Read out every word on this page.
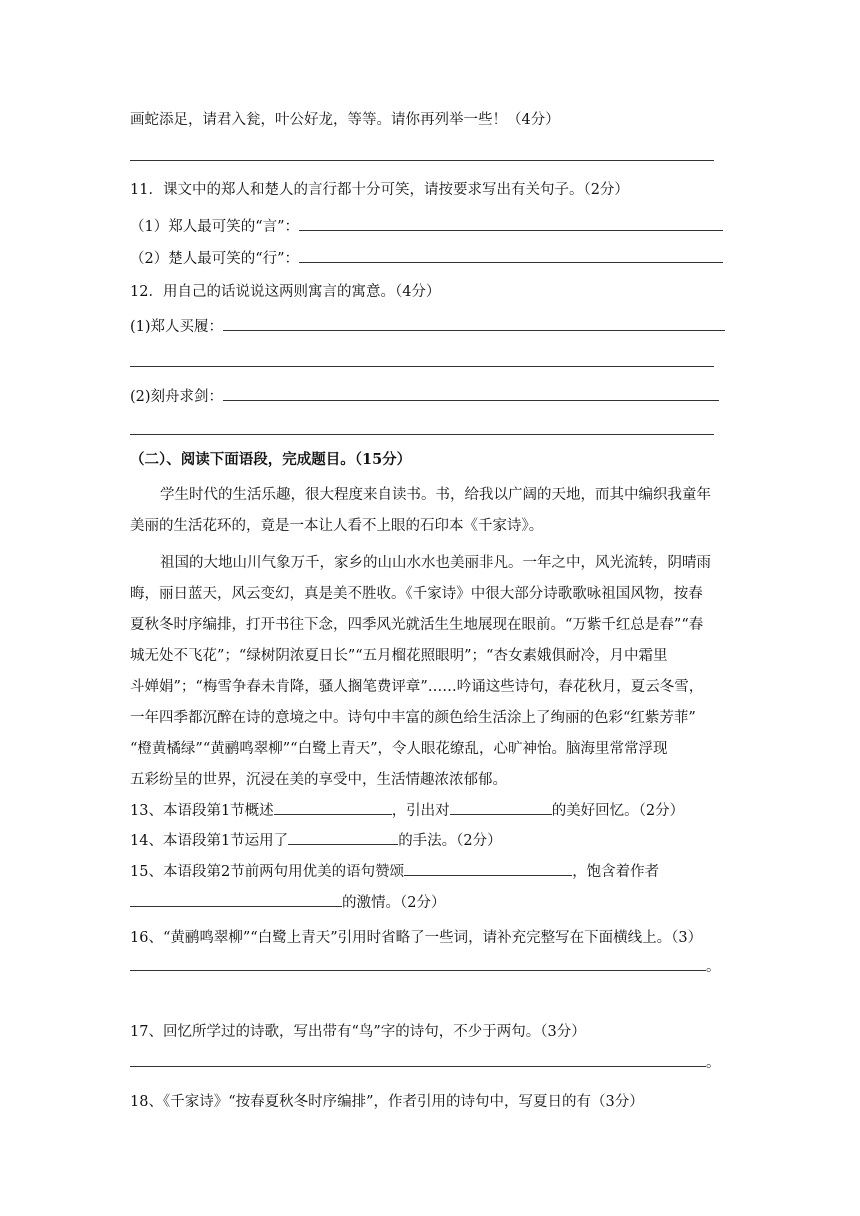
画蛇添足，请君入瓮，叶公好龙，等等。请你再列举一些！（4分）
11．课文中的郑人和楚人的言行都十分可笑，请按要求写出有关句子。（2分）
（1）郑人最可笑的“言”：
（2）楚人最可笑的“行”：
12．用自己的话说说这两则寓言的寓意。（4分）
(1)郑人买履：
(2)刻舟求剑：
（二）、阅读下面语段，完成题目。（15分）
学生时代的生活乐趣，很大程度来自读书。书，给我以广阔的天地，而其中编织我童年
美丽的生活花环的，竟是一本让人看不上眼的石印本《千家诗》。
祖国的大地山川气象万千，家乡的山山水水也美丽非凡。一年之中，风光流转，阴晴雨
晦，丽日蓝天，风云变幻，真是美不胜收。《千家诗》中很大部分诗歌歌咏祖国风物，按春
夏秋冬时序编排，打开书往下念，四季风光就活生生地展现在眼前。“万紫千红总是春”“春
城无处不飞花”；“绿树阴浓夏日长”“五月榴花照眼明”；“杏女素娥俱耐冷，月中霜里
斗婵娟”；“梅雪争春未肯降，骚人搁笔费评章”……吟诵这些诗句，春花秋月，夏云冬雪，
一年四季都沉醉在诗的意境之中。诗句中丰富的颜色给生活涂上了绚丽的色彩“红紫芳菲”
“橙黄橘绿”“黄鹂鸣翠柳”“白鹭上青天”，令人眼花缭乱，心旷神怡。脑海里常常浮现
五彩纷呈的世界，沉浸在美的享受中，生活情趣浓浓郁郁。
13、本语段第1节概述	，引出对	的美好回忆。（2分）
14、本语段第1节运用了	的手法。（2分）
15、本语段第2节前两句用优美的语句赞颂	，饱含着作者
的激情。（2分）
16、“黄鹂鸣翠柳”“白鹭上青天”引用时省略了一些词，请补充完整写在下面横线上。（3）
。
17、回忆所学过的诗歌，写出带有“鸟”字的诗句，不少于两句。（3分）
。
18、《千家诗》“按春夏秋冬时序编排”，作者引用的诗句中，写夏日的有（3分）
